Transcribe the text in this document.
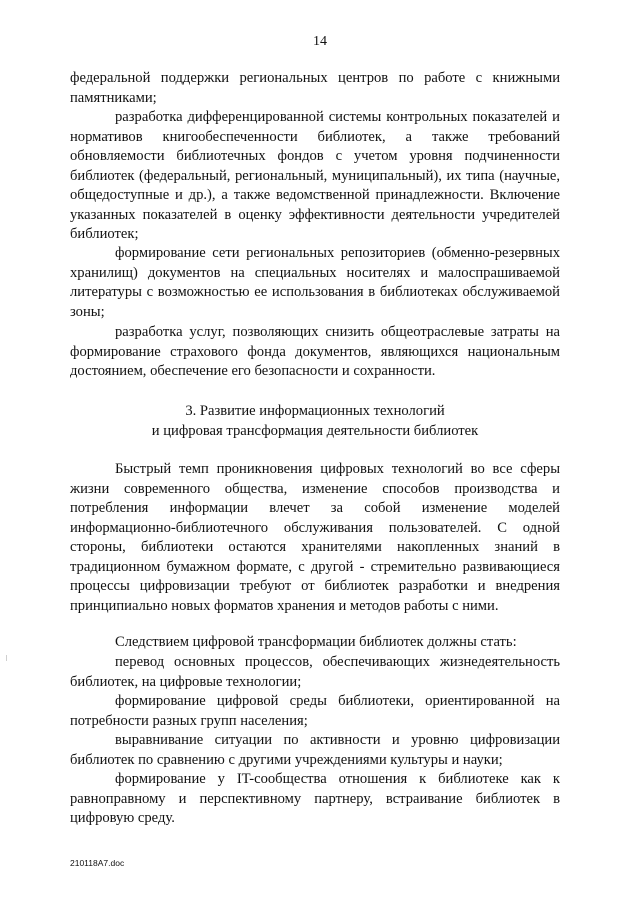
14

федеральной поддержки региональных центров по работе с книжными памятниками;

разработка дифференцированной системы контрольных показателей и нормативов книгообеспеченности библиотек, а также требований обновляемости библиотечных фондов с учетом уровня подчиненности библиотек (федеральный, региональный, муниципальный), их типа (научные, общедоступные и др.), а также ведомственной принадлежности. Включение указанных показателей в оценку эффективности деятельности учредителей библиотек;

формирование сети региональных репозиториев (обменно-резервных хранилищ) документов на специальных носителях и малоспрашиваемой литературы с возможностью ее использования в библиотеках обслуживаемой зоны;

разработка услуг, позволяющих снизить общеотраслевые затраты на формирование страхового фонда документов, являющихся национальным достоянием, обеспечение его безопасности и сохранности.

3. Развитие информационных технологий

и цифровая трансформация деятельности библиотек

Быстрый темп проникновения цифровых технологий во все сферы жизни современного общества, изменение способов производства и потребления информации влечет за собой изменение моделей информационно-библиотечного обслуживания пользователей. С одной стороны, библиотеки остаются хранителями накопленных знаний в традиционном бумажном формате, с другой - стремительно развивающиеся процессы цифровизации требуют от библиотек разработки и внедрения принципиально новых форматов хранения и методов работы с ними.

Следствием цифровой трансформации библиотек должны стать:

перевод основных процессов, обеспечивающих жизнедеятельность библиотек, на цифровые технологии;

формирование цифровой среды библиотеки, ориентированной на потребности разных групп населения;

выравнивание ситуации по активности и уровню цифровизации библиотек по сравнению с другими учреждениями культуры и науки;

формирование у IT-сообщества отношения к библиотеке как к равноправному и перспективному партнеру, встраивание библиотек в цифровую среду.

210118А7.doc
